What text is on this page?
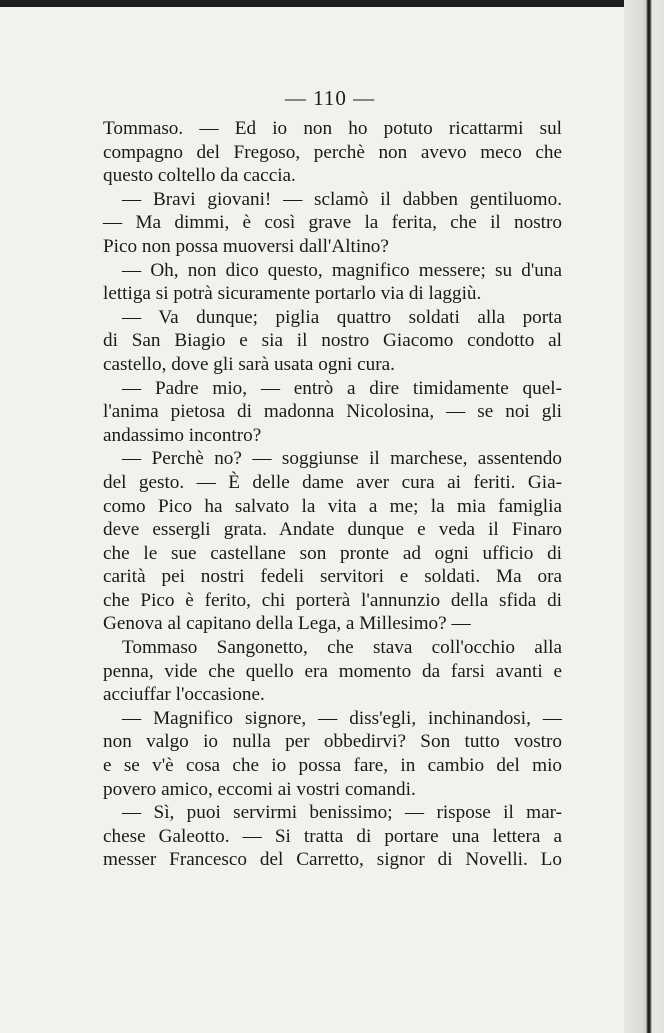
— 110 —
Tommaso. — Ed io non ho potuto ricattarmi sul
compagno del Fregoso, perchè non avevo meco che
questo coltello da caccia.
— Bravi giovani! — sclamò il dabben gentiluomo.
— Ma dimmi, è così grave la ferita, che il nostro
Pico non possa muoversi dall'Altino?
— Oh, non dico questo, magnifico messere; su d'una
lettiga si potrà sicuramente portarlo via di laggiù.
— Va dunque; piglia quattro soldati alla porta
di San Biagio e sia il nostro Giacomo condotto al
castello, dove gli sarà usata ogni cura.
— Padre mio, — entrò a dire timidamente quel-
l'anima pietosa di madonna Nicolosina, — se noi gli
andassimo incontro?
— Perchè no? — soggiunse il marchese, assentendo
del gesto. — È delle dame aver cura ai feriti. Gia-
como Pico ha salvato la vita a me; la mia famiglia
deve essergli grata. Andate dunque e veda il Finaro
che le sue castellane son pronte ad ogni ufficio di
carità pei nostri fedeli servitori e soldati. Ma ora
che Pico è ferito, chi porterà l'annunzio della sfida di
Genova al capitano della Lega, a Millesimo? —
Tommaso Sangonetto, che stava coll'occhio alla
penna, vide che quello era momento da farsi avanti e
acciuffar l'occasione.
— Magnifico signore, — diss'egli, inchinandosi, —
non valgo io nulla per obbedirvi? Son tutto vostro
e se v'è cosa che io possa fare, in cambio del mio
povero amico, eccomi ai vostri comandi.
— Sì, puoi servirmi benissimo; — rispose il mar-
chese Galeotto. — Si tratta di portare una lettera a
messer Francesco del Carretto, signor di Novelli. Lo
